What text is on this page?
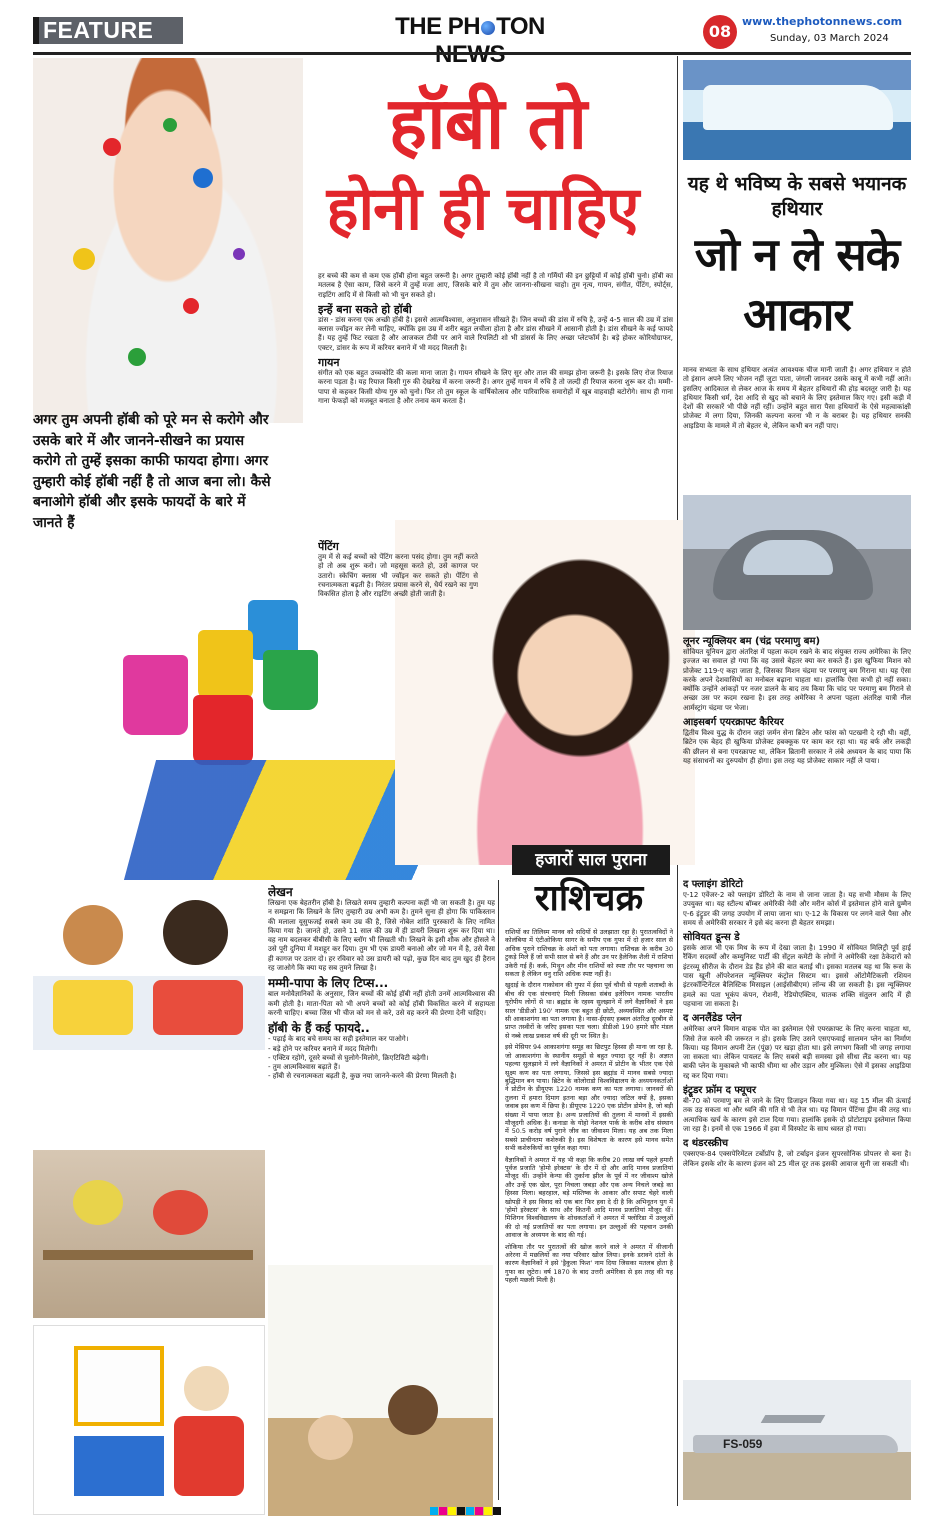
FEATURE	THE PH TON	08
www.thephotonnews.com
Sunday, 03 March 2024
FS-059
हॉबी तो
होनी ही चाहिए
अगर तुम अपनी हॉबी को पूरे मन से करोगे और उसके बारे में और जानने-सीखने का प्रयास करोगे तो तुम्हें इसका काफी फायदा होगा। अगर तुम्हारी कोई हॉबी नहीं है तो आज बना लो। कैसे बनाओगे हॉबी और इसके फायदों के बारे में जानते हैं

हर बच्चे की कम से कम एक हॉबी होना बहुत जरूरी है। अगर तुम्हारी कोई हॉबी नहीं है तो गर्मियों की इन छुट्टियों में कोई हॉबी चुनो। हॉबी का मतलब है ऐसा काम, जिसे करने में तुम्हें मजा आए, जिसके बारे में तुम और जानना-सीखना चाहो। तुम नृत्य, गायन, संगीत, पेंटिंग, स्पोर्ट्स, राइटिंग आदि में से किसी को भी चुन सकते हो।

इन्हें बना सकते हो हॉबी

डांस - डांस करना एक अच्छी हॉबी है। इससे आत्मविश्वास, अनुशासन सीखते हैं। जिन बच्चों की डांस में रुचि है, उन्हें 4-5 साल की उम्र में डांस क्लास ज्वॉइन कर लेनी चाहिए, क्योंकि इस उम्र में शरीर बहुत लचीला होता है और डांस सीखने में आसानी होती है। डांस सीखने के कई फायदे हैं। यह तुम्हें फिट रखता है और आजकल टीवी पर आने वाले रियलिटी शो भी डांसर्स के लिए अच्छा प्लेटफॉर्म है। बड़े होकर कोरियोग्राफर, एक्टर, डांसर के रूप में करियर बनाने में भी मदद मिलती है।

गायन

संगीत को एक बहुत उच्चकोटि की कला माना जाता है। गायन सीखने के लिए सुर और ताल की समझ होना जरूरी है। इसके लिए रोज रियाज करना पड़ता है। यह रियाज किसी गुरु की देखरेख में करना जरूरी है। अगर तुम्हें गायन में रुचि है तो जल्दी ही रियाज करना शुरू कर दो। मम्मी-पापा से कहकर किसी योग्य गुरु को चुनो। फिर तो तुम स्कूल के वार्षिकोत्सव और पारिवारिक समारोहों में खूब वाहवाही बटोरोगे। साथ ही गाना गाना फेफड़ों को मजबूत बनाता है और तनाव कम करता है।

पेंटिंग

तुम में से कई बच्चों को पेंटिंग करना पसंद होगा। तुम नहीं करते हो तो अब शुरू करो। जो महसूस करते हो, उसे कागज पर उतारो। स्केचिंग क्लास भी ज्वॉइन कर सकते हो। पेंटिंग से रचनात्मकता बढ़ती है। निरंतर प्रयास करने से, धैर्य रखने का गुण विकसित होता है और राइटिंग अच्छी होती जाती है।

लेखन

लिखना एक बेहतरीन हॉबी है। लिखते समय तुम्हारी कल्पना कहीं भी जा सकती है। तुम यह न समझना कि लिखने के लिए तुम्हारी उम्र अभी कम है। तुमने सुना ही होगा कि पाकिस्तान की मलाला यूसुफजई सबसे कम उम्र की है, जिसे नोबेल शांति पुरस्कारों के लिए नामित किया गया है। जानते हो, उसने 11 साल की उम्र में ही डायरी लिखना शुरू कर दिया था। वह नाम बदलकर बीबीसी के लिए ब्लॉग भी लिखती थी। लिखने के इसी शौक और हौसले ने उसे पूरी दुनिया में मशहूर कर दिया। तुम भी एक डायरी बनाओ और जो मन में है, उसे वैसा ही कागज पर उतार दो। हर रविवार को उस डायरी को पढ़ो, कुछ दिन बाद तुम खुद ही हैरान रह जाओगे कि क्या यह सब तुमने लिखा है।

मम्मी-पापा के लिए टिप्स...

बाल मनोवैज्ञानिकों के अनुसार, जिन बच्चों की कोई हॉबी नहीं होती उनमें आत्मविश्वास की कमी होती है। माता-पिता को भी अपने बच्चों को कोई हॉबी विकसित करने में सहायता करनी चाहिए। बच्चा जिस भी चीज को मन से करे, उसे वह करने की प्रेरणा देनी चाहिए।

हॉबी के हैं कई फायदे..
- पढ़ाई के बाद बचे समय का सही इस्तेमाल कर पाओगे।
- बड़े होने पर करियर बनाने में मदद मिलेगी।
- एक्टिव रहोगे, दूसरे बच्चों से घुलोगे-मिलोगे, क्रिएटिविटी बढ़ेगी।
- तुम आत्मविश्वास बढ़ाते हैं।
- हॉबी से रचनात्मकता बढ़ती है, कुछ नया जानने-करने की प्रेरणा मिलती है।
हजारों साल पुराना
राशिचक्र

राशियों का तिलिस्म मानव को सदियों से उलझाता रहा है। पुरातत्वविदों ने कोलंबिया में एंटीओकिया सागर के समीप एक गुफा में दो हजार साल से अधिक पुराने राशिचक्र के अंशों को पता लगाया। राशिचक्र के करीब 30 टुकड़े मिले हैं जो सभी साल से बने हैं और उन पर हैलेनिक शैली में राशियां उकेरी गई हैं। कर्क, मिथुन और मीन राशियों को स्पष्ट तौर पर पहचाना जा सकता है लेकिन धनु राशि अधिक स्पष्ट नहीं है।

खुदाई के दौरान गाकोवान की गुफा में ईसा पूर्व चौथी से पहली शताब्दी के बीच की एक संरचनाएं मिली जिसका संबंध इलेरियन नामक भारतीय यूरोपीय लोगों से था। ब्रह्मांड के रहस्य सुलझाने में लगे वैज्ञानिकों ने इस साल 'डीडीओ 190' नामक एक बहुत ही छोटी, अव्यवस्थित और अस्पष्ट सी आकाशगंगा का पता लगाया है। नासा-ईएसए हब्बल अंतरिक्ष दूरबीन से प्राप्त तस्वीरों के जरिए इसका पता चला। डीडीओ 190 हमारे सौर मंडल से नब्बे लाख प्रकाश वर्ष की दूरी पर स्थित है।

इसे मेसियर 94 आकाशगंगा समूह का छिटपुट हिस्सा ही माना जा रहा है, जो आकाशगंगा के स्थानीय समूहों से बहुत ज्यादा दूर नहीं है। अज्ञात पहल्या सुलझाने में लगे वैज्ञानिकों ने अमरत में प्रोटीन के भीतर एक ऐसे सूक्ष्म कण का पता लगाया, जिससे इस ब्रह्मांड में मानव सबसे ज्यादा बुद्धिमान बन पाया। ब्रिटेन के कोलोराडो विश्वविद्यालय के अध्ययनकर्ताओं ने प्रोटीन के डीयूएफ 1220 नामक कण का पता लगाया। जानवरों की तुलना में हमारा दिमाग इतना बड़ा और ज्यादा जटिल क्यों है, इसका जवाब इस कण में छिपा है। डीयूएफ 1220 एक प्रोटीन डोमेन है, जो बड़ी संख्या में पाया जाता है। अन्य प्रजातियों की तुलना में मानवों में इसकी मौजूदगी अधिक है। कनाडा के योहो नेशनल पार्क के करीब शोध संस्थान में 50.5 करोड़ वर्ष पुराने जीव का जीवाश्म मिला। यह अब तक मिला सबसे प्राचीनतम कशेरुकी है। इस विशेषता के कारण इसे मानव समेत सभी कशेरुकियों का पूर्वज कहा गया।

वैज्ञानिकों ने अमरत में यह भी कहा कि करीब 20 लाख वर्ष पहले हमारी पूर्वज प्रजाति 'होमो इरेक्टस' के दौर में दो और आदि मानव प्रजातियां मौजूद थीं। उन्होंने केन्या की तुर्काना झील के पूर्व में नर जीवाश्म खोजे और उन्हें एक खेल, पूरा निचला जबड़ा और एक अन्य निचले जबड़े का हिस्सा मिला। बहरहाल, बड़े मस्तिष्क के आकार और सपाट चेहरे वाली खोपड़ी ने इस विवाद को एक बार फिर हवा दे दी है कि अभिनूतन युग में 'होमो इरेक्टस' के साथ और कितनी आदि मानव प्रजातियां मौजूद थीं। मिशिगन विश्वविद्यालय के शोधकर्ताओं ने अमरत में फ्लोरिडा में उल्लुओं की दो नई प्रजातियों का पता लगाया। इन उल्लुओं की पहचान उनकी आवाज के अध्ययन के बाद की गई।

शोकिया तौर पर पुरातत्वों की खोज करने वाले ने अमरत में वीजानी अरेरना में मछलियों का नया परिवार खोज लिया। इनके डरावने दांतों के कारण वैज्ञानिकों ने इसे 'ड्रैकुला फिश' नाम दिया जिसका मतलब होता है गुफा का लुटेरा। वर्ष 1870 के बाद उत्तरी अमेरिका से इस तरह की यह पहली मछली मिली है।

यह थे भविष्य के सबसे भयानक हथियार
जो न ले सके आकार

मानव सभ्यता के साथ हथियार अत्यंत आवश्यक चीज मानी जाती है। अगर हथियार न होते तो इंसान अपने लिए भोजन नहीं जुटा पाता, जंगली जानवर उसके काबू में कभी नहीं आते। इसलिए आदिकाल से लेकर आज के समय में बेहतर हथियारों की होड़ बदस्तूर जारी है। यह हथियार किसी धर्म, देश आदि से खुद को बचाने के लिए इस्तेमाल किए गए। इसी कड़ी में देशों की सरकारें भी पीछे नहीं रहीं। उन्होंने बहुत सारा पैसा हथियारों के ऐसे महत्वाकांक्षी प्रोजेक्ट में लगा दिया, जिनकी कल्पना करना भी न के बराबर है। यह हथियार सनकी आइडिया के मामले में तो बेहतर थे, लेकिन कभी बन नहीं पाए।

लूनर न्यूक्लियर बम (चंद्र परमाणु बम)

सोवियत यूनियन द्वारा अंतरिक्ष में पहला कदम रखने के बाद संयुक्त राज्य अमेरिका के लिए इज्जत का सवाल हो गया कि वह उससे बेहतर क्या कर सकते हैं। इस खुफिया मिशन को प्रोजेक्ट 119-ए कहा जाता है, जिसका मिशन चंद्रमा पर परमाणु बम गिराना था। यह ऐसा करके अपने देशवासियों का मनोबल बढ़ाना चाहता था। हालांकि ऐसा कभी हो नहीं सका। क्योंकि उन्होंने आंकड़ों पर नजर डालने के बाद तय किया कि चांद पर परमाणु बम गिराने से अच्छा उस पर कदम रखना है। इस तरह अमेरिका ने अपना पहला अंतरिक्ष यात्री नील आर्मस्ट्रांग चंद्रमा पर भेजा।

आइसबर्ग एयरक्राफ्ट कैरियर

द्वितीय विश्व युद्ध के दौरान जहां जर्मन सेना ब्रिटेन और फांस को पटखनी दे रही थी। वहीं, ब्रिटेन एक बेहद ही खुफिया प्रोजेक्ट हबक्कूक पर काम कर रहा था। यह बर्फ और लकड़ी की छीलन से बना एयरक्राफ्ट था, लेकिन ब्रितानी सरकार ने लंबे अध्ययन के बाद पाया कि यह संसाधनों का दुरुपयोग ही होगा। इस तरह यह प्रोजेक्ट साकार नहीं ले पाया।

द फ्लाइंग डोरिटो

ए-12 एवेंजर-2 को फ्लाइंग डोरिटो के नाम से जाना जाता है। यह सभी मौसम के लिए उपयुक्त था। यह स्टील्थ बॉम्बर अमेरिकी नेवी और मरीन कोर्स में इस्तेमाल होने वाले ग्रुम्मैन ए-6 इंट्रूडर की जगह उपयोग में लाया जाना था। ए-12 के विकास पर लगने वाले पैसा और समय से अमेरिकी सरकार ने इसे बंद करना ही बेहतर समझा।

सोवियत डून्स डे

इसके आज भी एक मिथ के रूप में देखा जाता है। 1990 में सोवियत मिलिट्री पूर्व हाई रैंकिंग सदस्यों और कम्युनिस्ट पार्टी की सेंट्रल कमेटी के लोगों ने अमेरिकी रक्षा ठेकेदारों को इंटरव्यू सीरीज के दौरान डेड हैंड होने की बात बताई थी। इसका मतलब यह था कि रूस के पास खूनी ऑपरेशनल न्यूक्लियर कंट्रोल सिस्टम था। इससे ऑटोमैटिकली रशियन इंटरकॉन्टिनेंटल बैलिस्टिक मिसाइल (आईसीबीएम) लॉन्च की जा सकती है। इस न्यूक्लियर हमले का पता भूकंप कंपन, रोशनी, रेडियोएक्टिव, घातक शक्ति संतुलन आदि में ही पहचाना जा सकता है।

द अनलैंडेड प्लेन

अमेरिका अपने विमान वाहक पोत का इस्तेमाल ऐसे एयरक्राफ्ट के लिए करना चाहता था, जिसे तेज करने की जरूरत न हो। इसके लिए उसने एसएफवाई सालमन प्लेन का निर्माण किया। यह विमान अपनी टेल (पूंछ) पर खड़ा होता था। इसे लगभग किसी भी जगह लगाया जा सकता था। लेकिन पायलट के लिए सबसे बड़ी समस्या इसे सीधा लैंड करना था। यह बाकी प्लेन के मुकाबले भी काफी धीमा था और उड़ान और मुश्किल। ऐसे में इसका आइडिया रद्द कर दिया गया।

इंट्रूडर फ्रॉम द फ्यूचर

बी-70 को परमाणु बम ले जाने के लिए डिजाइन किया गया था। यह 15 मील की ऊंचाई तक उड़ सकता था और ध्वनि की गति से भी तेज था। यह विमान पेंटिंग्स ड्रीम की तरह था। अत्याधिक खर्च के कारण इसे टाल दिया गया। हालांकि इसके दो प्रोटोटाइप इस्तेमाल किया जा रहा है। इनमें से एक 1966 में हवा में विस्फोट के साथ ध्वस्त हो गया।

द थंडरस्क्रीच

एक्सएफ-84 एक्सपेरिमेंटल टर्बोप्रॉप है, जो टर्बाइन इंजन सुपरसोनिक प्रोपलर से बना है। लेकिन इसके शोर के कारण इंजन को 25 मील दूर तक इसकी आवाज सुनी जा सकती थी।
